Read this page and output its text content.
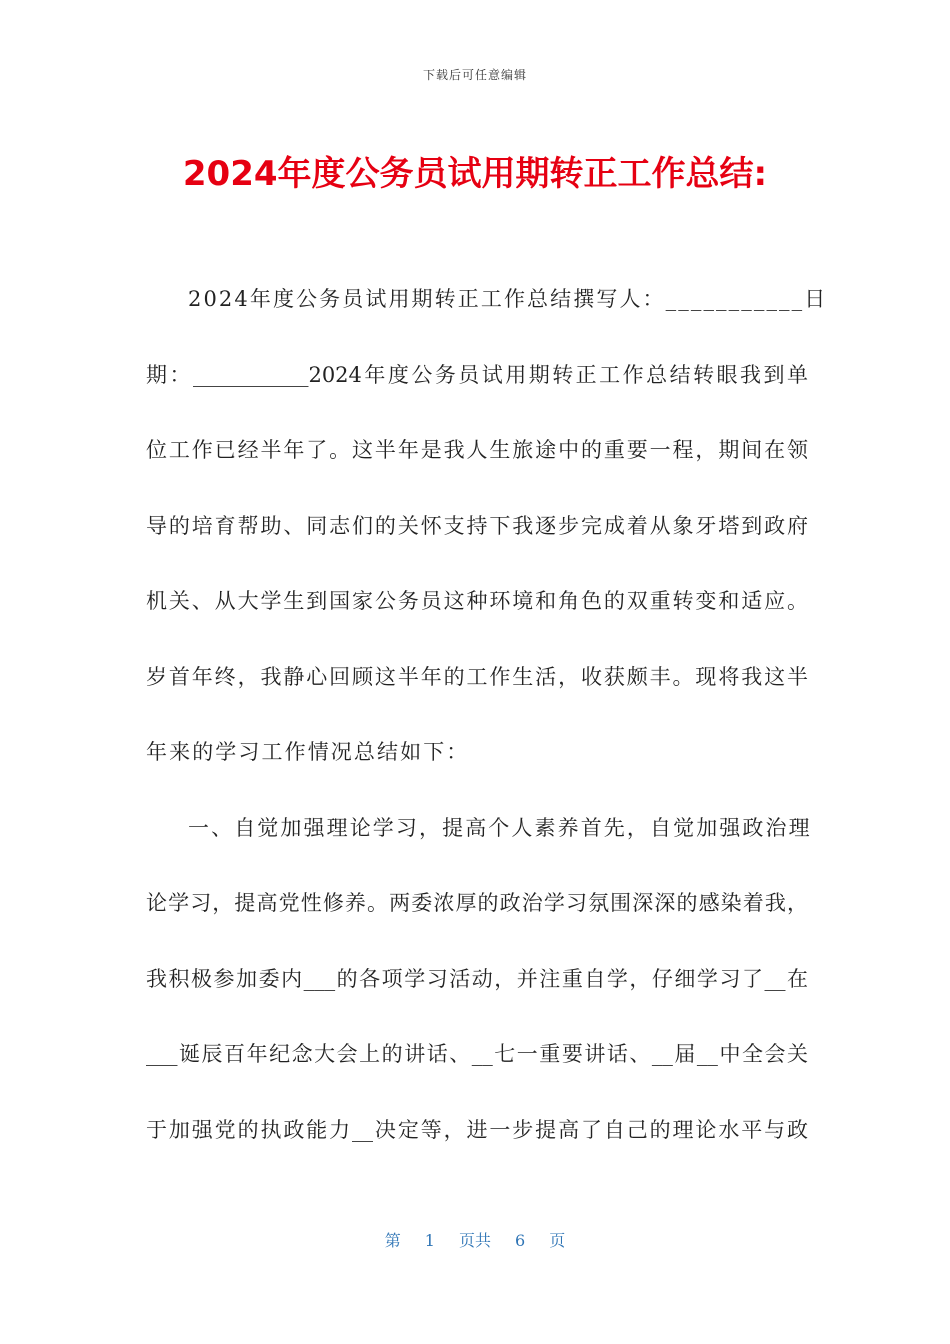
下载后可任意编辑
2024年度公务员试用期转正工作总结:
2024年度公务员试用期转正工作总结撰写人：___________日
期：___________2024年度公务员试用期转正工作总结转眼我到单
位工作已经半年了。这半年是我人生旅途中的重要一程，期间在领
导的培育帮助、同志们的关怀支持下我逐步完成着从象牙塔到政府
机关、从大学生到国家公务员这种环境和角色的双重转变和适应。
岁首年终，我静心回顾这半年的工作生活，收获颇丰。现将我这半
年来的学习工作情况总结如下：
一、自觉加强理论学习，提高个人素养首先，自觉加强政治理
论学习，提高党性修养。两委浓厚的政治学习氛围深深的感染着我，
我积极参加委内___的各项学习活动，并注重自学，仔细学习了__在
___诞辰百年纪念大会上的讲话、__七一重要讲话、__届__中全会关
于加强党的执政能力__决定等，进一步提高了自己的理论水平与政
第 1 页共 6 页
